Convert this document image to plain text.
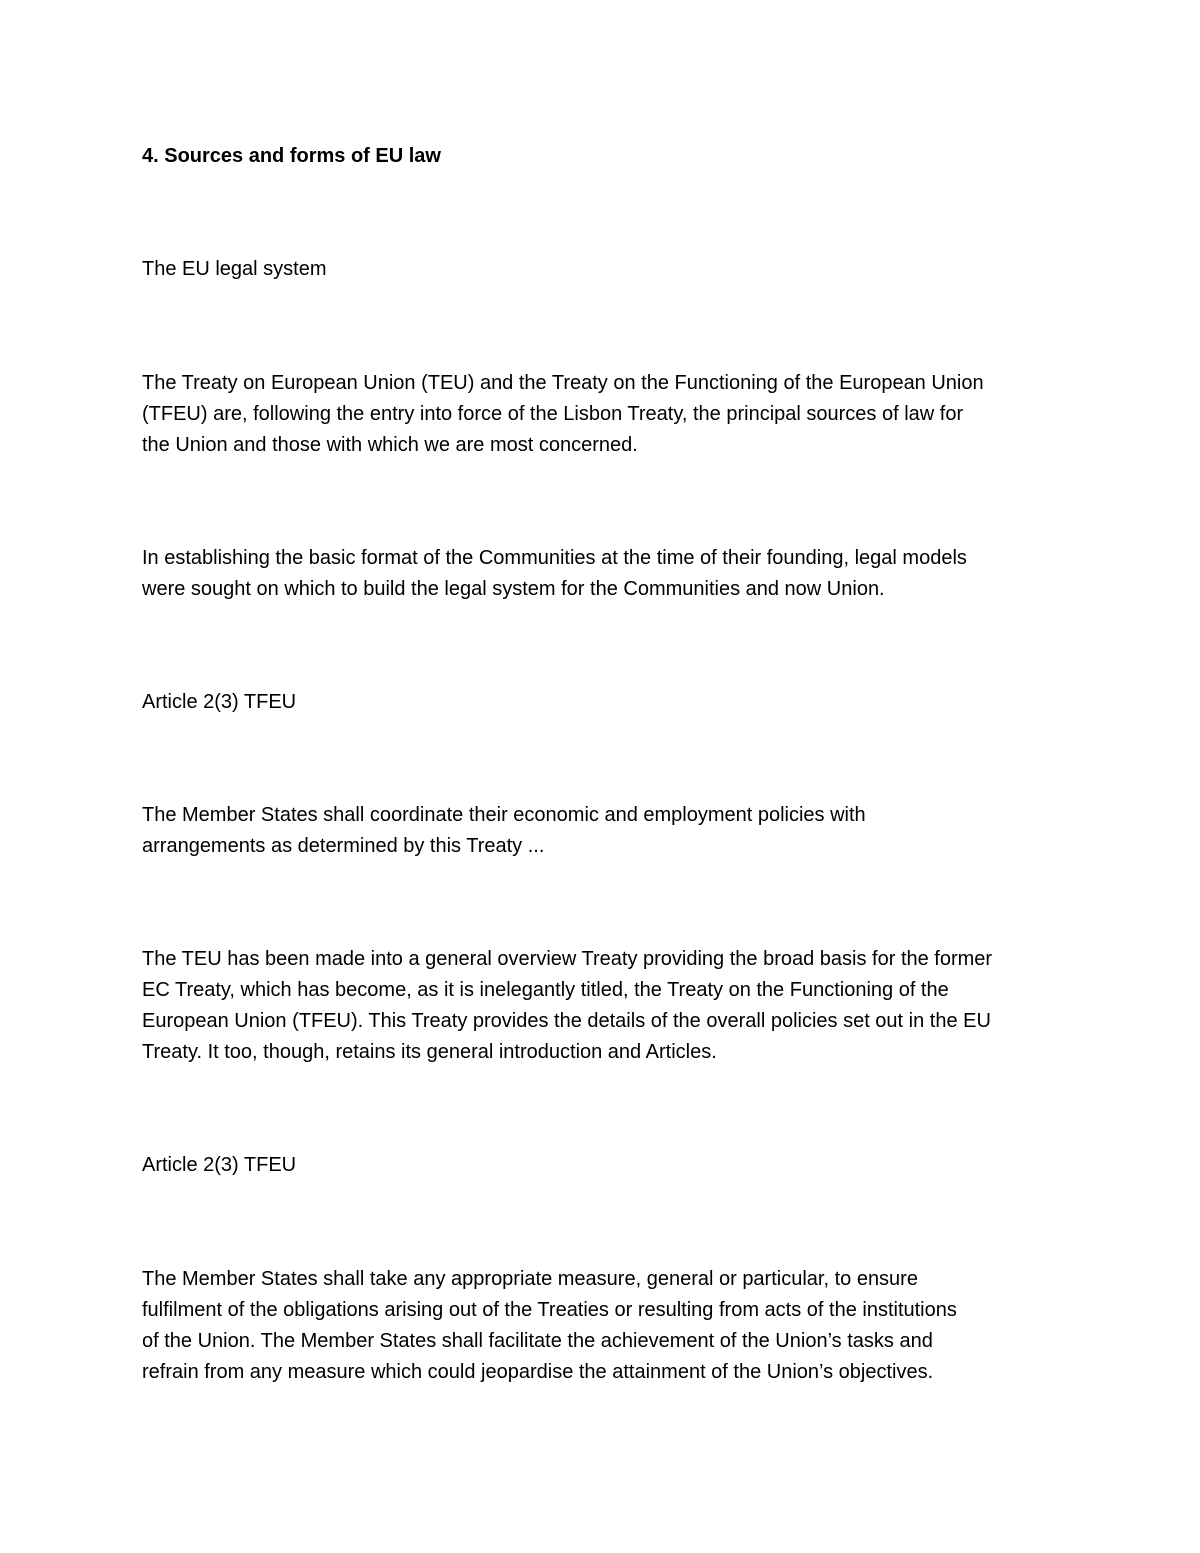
4. Sources and forms of EU law

The EU legal system

The Treaty on European Union (TEU) and the Treaty on the Functioning of the European Union
(TFEU) are, following the entry into force of the Lisbon Treaty, the principal sources of law for
the Union and those with which we are most concerned.

In establishing the basic format of the Communities at the time of their founding, legal models
were sought on which to build the legal system for the Communities and now Union.

Article 2(3) TFEU

The Member States shall coordinate their economic and employment policies with
arrangements as determined by this Treaty ...

The TEU has been made into a general overview Treaty providing the broad basis for the former
EC Treaty, which has become, as it is inelegantly titled, the Treaty on the Functioning of the
European Union (TFEU). This Treaty provides the details of the overall policies set out in the EU
Treaty. It too, though, retains its general introduction and Articles.

Article 2(3) TFEU

The Member States shall take any appropriate measure, general or particular, to ensure
fulfilment of the obligations arising out of the Treaties or resulting from acts of the institutions
of the Union. The Member States shall facilitate the achievement of the Union’s tasks and
refrain from any measure which could jeopardise the attainment of the Union’s objectives.
